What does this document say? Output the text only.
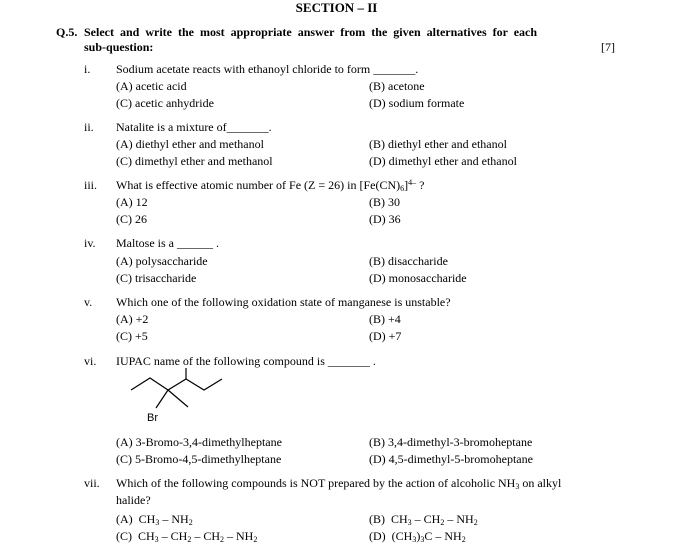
SECTION – II
Q.5. Select and write the most appropriate answer from the given alternatives for each
sub-question:	[7]
i. Sodium acetate reacts with ethanoyl chloride to form _______.
(A) acetic acid	(B) acetone
(C) acetic anhydride	(D) sodium formate
ii. Natalite is a mixture of_______.
(A) diethyl ether and methanol	(B) diethyl ether and ethanol
(C) dimethyl ether and methanol	(D) dimethyl ether and ethanol
iii. What is effective atomic number of Fe (Z = 26) in $[Fe(CN)_6]^{4-}$ ?
(A) 12	(B) 30
(C) 26	(D) 36
iv. Maltose is a ______ .
(A) polysaccharide	(B) disaccharide
(C) trisaccharide	(D) monosaccharide
v. Which one of the following oxidation state of manganese is unstable?
(A) +2	(B) +4
(C) +5	(D) +7
vi. IUPAC name of the following compound is _______ .
Br
(A) 3-Bromo-3,4-dimethylheptane	(B) 3,4-dimethyl-3-bromoheptane
(C) 5-Bromo-4,5-dimethylheptane	(D) 4,5-dimethyl-5-bromoheptane
vii. Which of the following compounds is NOT prepared by the action of alcoholic $NH_3$ on alkyl
halide?
(A) $CH_3 - NH_2$	(B) $CH_3 - CH_2 - NH_2$
(C) $CH_3 - CH_2 - CH_2 - NH_2$	(D) $(CH_3)_3C - NH_2$
